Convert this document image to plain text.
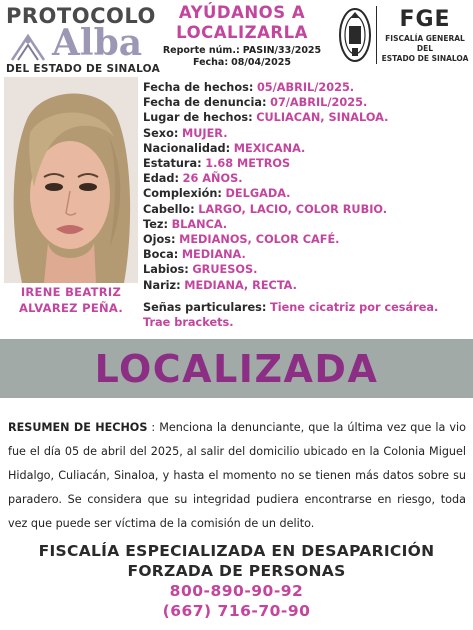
PROTOCOLO
Alba
DEL ESTADO DE SINALOA
AYÚDANOS A
LOCALIZARLA
Reporte núm.: PASIN/33/2025
Fecha: 08/04/2025
FGE
FISCALÍA GENERAL DEL
ESTADO DE SINALOA
IRENE BEATRIZ
ALVAREZ PEÑA.
Fecha de hechos: 05/ABRIL/2025.
Fecha de denuncia: 07/ABRIL/2025.
Lugar de hechos: CULIACAN, SINALOA.
Sexo: MUJER.
Nacionalidad: MEXICANA.
Estatura: 1.68 METROS
Edad: 26 AÑOS.
Complexión: DELGADA.
Cabello: LARGO, LACIO, COLOR RUBIO.
Tez: BLANCA.
Ojos: MEDIANOS, COLOR CAFÉ.
Boca: MEDIANA.
Labios: GRUESOS.
Nariz: MEDIANA, RECTA.
Señas particulares: Tiene cicatriz por cesárea. Trae brackets.
LOCALIZADA
RESUMEN DE HECHOS : Menciona la denunciante, que la última vez que la vio fue el día 05 de abril del 2025, al salir del domicilio ubicado en la Colonia Miguel Hidalgo, Culiacán, Sinaloa, y hasta el momento no se tienen más datos sobre su paradero. Se considera que su integridad pudiera encontrarse en riesgo, toda vez que puede ser víctima de la comisión de un delito.
FISCALÍA ESPECIALIZADA EN DESAPARICIÓN
FORZADA DE PERSONAS
800-890-90-92
(667) 716-70-90
